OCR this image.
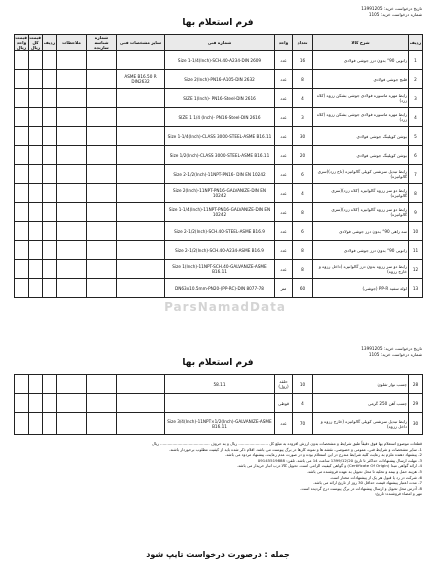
تاریخ درخواست خرید: 13991205
شماره درخواست خرید: 1105
فرم استعلام بها
ردیف	شرح کالا	تعداد	واحد	شماره فنی	سایر مشخصات فنی	شماره شناسه سازنده	ملاحظات	ردیف	قیمت کل ریال	قیمت واحد ریال
1	زانویی 90° بدون درز جوشی فولادی	16	عدد	Size 1-1/4(Inch)-SCH.40-A234-DIN 2609						
2	فلنج جوشی فولادی	8	عدد	Size 2(Inch)-PN16-A105-DIN 2632	ASME B16.50 R DIN2632					
3	رابط مهره ماسوره فولادی جوشی بشکن رزوه (کلاه زرد)	4	عدد	SIZE 1(Inch)- PN16-Steel-DIN 2616						
4	رابط مهره ماسوره فولادی جوشی بشکن رزوه (کلاه زرد)	3	عدد	SIZE 1 1/4 (Inch)- PN16-Steel-DIN 2616						
5	بوشن کوپلینگ جوشی فولادی	30	عدد	Size 1-1/4(Inch)-CLASS 3000-STEEL-ASME B16.11						
6	بوشن کوپلینگ جوشی فولادی	20	عدد	Size 1/2(Inch)-CLASS 3000-STEEL-ASME B16.11						
7	رابط تبدیل سرشتی کوپلی گالوانیزه (تاج زرد)(سری گالوانیزه)	6	عدد	Size 2-1/2(Inch)-11NPT-PN16- DIN EN 10242						
8	رابط دو سر رزوه گالوانیزه (کلاه زرد)(سری گالوانیزه)	4	عدد	Size 2(Inch)-11NPT-PN16-GALVANIZE-DIN EN 10242						
9	رابط دو سر رزوه گالوانیزه (کلاه زرد)(سری گالوانیزه)	8	عدد	Size 1-1/4(Inch)-11NPT-PN16-GALVANIZE-DIN EN 10242						
10	سه راهی 90° بدون درز جوشی فولادی	6	عدد	Size 2-1/2(Inch)-SCH.40-STEEL-ASME B16.9						
11	زانویی 90° بدون درز جوشی فولادی	8	عدد	Size 2-1/2(Inch)-SCH.40-A234-ASME B16.9						
12	رابط دو سر رزوه بدون درز گالوانیزه (داخل رزوه و خارج رزوه)	8	عدد	Size 1(Inch)-11NPT-SCH.40-GALVANIZE-ASME B16.11						
13	لوله سفید PP-R (جوشی)	60	متر	DN63x10.5mm-PN20-(PP-RC)-DIN 8077-78						
تاریخ درخواست خرید: 13991205
شماره درخواست خرید: 1105
فرم استعلام بها
28	چسب نوار تفلون	10	حلقه (رول)	58.11						
29	چسب آهن 250 گرمی	4	قوطی							
30	رابط تبدیل سرشتی کوپلی گالوانیزه (خارج رزوه و داخل رزوه)	70	عدد	Size 3/4(Inch)-11NPT×1/2(Inch)-GALVANIZE-ASME B16.11						
ParsNamadData

قطعات موضوع استعلام بها فوق دقیقاً طبق شرایط و مشخصات بدون ارزش افزوده به مبلغ کل ........................ ریال و به حروف ........................................ ریال

1- سایر مشخصات و شرایط فنی، عمومی و خصوصی، نقشه ها و نمونه کارها در برگ پیوست می باشد. اقلام ذکر شده باید از کیفیت مطلوب برخوردار باشند.

2- پیشنهاد دهنده ملزم به رعایت کلیه شرایط مندرج در این استعلام بوده و در صورت عدم رعایت، پیشنهاد مردود می باشد.

3- مهلت ارسال پیشنهادات حداکثر تا تاریخ 1399/12/20 ساعت 14 می باشد. تلفن: 09145519888

4- ارائه گواهی مبدا (Certificate Of Origin) و گواهی کیفیت الزامی است. تحویل کالا درب انبار خریدار می باشد.

5- هزینه حمل و بیمه و تخلیه تا محل تحویل به عهده فروشنده می باشد.

6- شرکت در رد یا قبول هر یک از پیشنهادات مختار است.

7- مدت اعتبار پیشنهاد قیمت حداقل 30 روز از تاریخ ارائه می باشد.

8- آدرس محل تحویل و ارسال پیشنهادات در برگ پیوست درج گردیده است.

مهر و امضاء فروشنده: تاریخ:

جمله : درصورت درخواست تایپ شود
